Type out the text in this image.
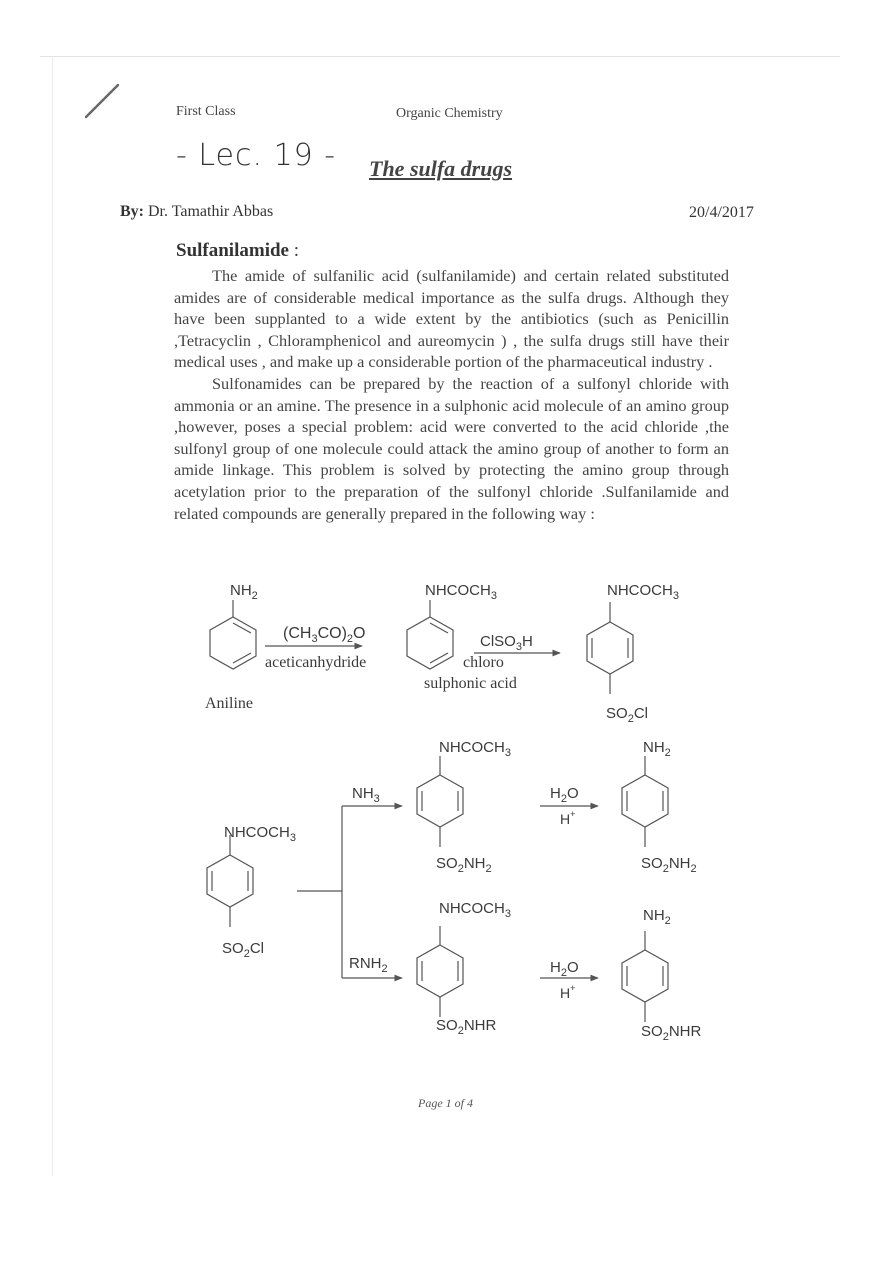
First Class	Organic Chemistry
- Lec. 19 - The sulfa drugs
By: Dr. Tamathir Abbas	20/4/2017
Sulfanilamide :

The amide of sulfanilic acid (sulfanilamide) and certain related substituted amides are of considerable medical importance as the sulfa drugs. Although they have been supplanted to a wide extent by the antibiotics (such as Penicillin ,Tetracyclin , Chloramphenicol and aureomycin ) , the sulfa drugs still have their medical uses , and make up a considerable portion of the pharmaceutical industry .

Sulfonamides can be prepared by the reaction of a sulfonyl chloride with ammonia or an amine. The presence in a sulphonic acid molecule of an amino group ,however, poses a special problem: acid were converted to the acid chloride ,the sulfonyl group of one molecule could attack the amino group of another to form an amide linkage. This problem is solved by protecting the amino group through acetylation prior to the preparation of the sulfonyl chloride .Sulfanilamide and related compounds are generally prepared in the following way :

$NH_2$
Aniline
$(CH_3CO)_2O$
aceticanhydride
$NHCOCH_3$
ClSO$_3$H
chloro
sulphonic acid
$NHCOCH_3$
$SO_2Cl$
$NHCOCH_3$
$SO_2Cl$
$NH_3$
$RNH_2$
$NHCOCH_3$
$SO_2NH_2$
$H_2O$
H+
$NH_2$
$SO_2NH_2$
$NHCOCH_3$
$SO_2NHR$
$H_2O$
H+
$NH_2$
$SO_2NHR$
Page 1 of 4
